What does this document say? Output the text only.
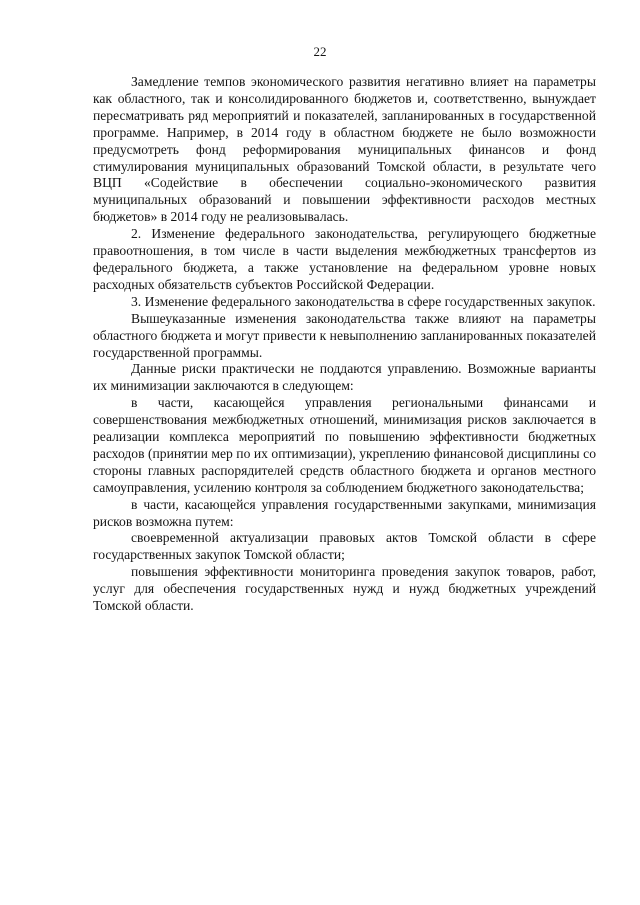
22

Замедление темпов экономического развития негативно влияет на параметры как областного, так и консолидированного бюджетов и, соответственно, вынуждает пересматривать ряд мероприятий и показателей, запланированных в государственной программе. Например, в 2014 году в областном бюджете не было возможности предусмотреть фонд реформирования муниципальных финансов и фонд стимулирования муниципальных образований Томской области, в результате чего ВЦП «Содействие в обеспечении социально-экономического развития муниципальных образований и повышении эффективности расходов местных бюджетов» в 2014 году не реализовывалась.

2. Изменение федерального законодательства, регулирующего бюджетные правоотношения, в том числе в части выделения межбюджетных трансфертов из федерального бюджета, а также установление на федеральном уровне новых расходных обязательств субъектов Российской Федерации.

3. Изменение федерального законодательства в сфере государственных закупок.

Вышеуказанные изменения законодательства также влияют на параметры областного бюджета и могут привести к невыполнению запланированных показателей государственной программы.

Данные риски практически не поддаются управлению. Возможные варианты их минимизации заключаются в следующем:

в части, касающейся управления региональными финансами и совершенствования межбюджетных отношений, минимизация рисков заключается в реализации комплекса мероприятий по повышению эффективности бюджетных расходов (принятии мер по их оптимизации), укреплению финансовой дисциплины со стороны главных распорядителей средств областного бюджета и органов местного самоуправления, усилению контроля за соблюдением бюджетного законодательства;

в части, касающейся управления государственными закупками, минимизация рисков возможна путем:

своевременной актуализации правовых актов Томской области в сфере государственных закупок Томской области;

повышения эффективности мониторинга проведения закупок товаров, работ, услуг для обеспечения государственных нужд и нужд бюджетных учреждений Томской области.
